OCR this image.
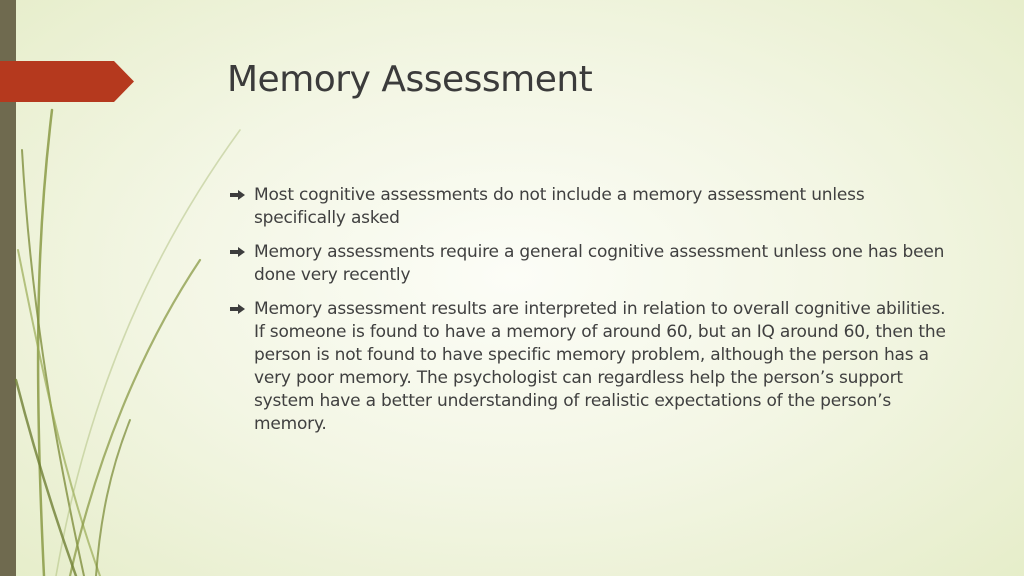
Memory Assessment
Most cognitive assessments do not include a memory assessment unless specifically asked
Memory assessments require a general cognitive assessment unless one has been done very recently
Memory assessment results are interpreted in relation to overall cognitive abilities. If someone is found to have a memory of around 60, but an IQ around 60, then the person is not found to have specific memory problem, although the person has a very poor memory. The psychologist can regardless help the person’s support system have a better understanding of realistic expectations of the person’s memory.
